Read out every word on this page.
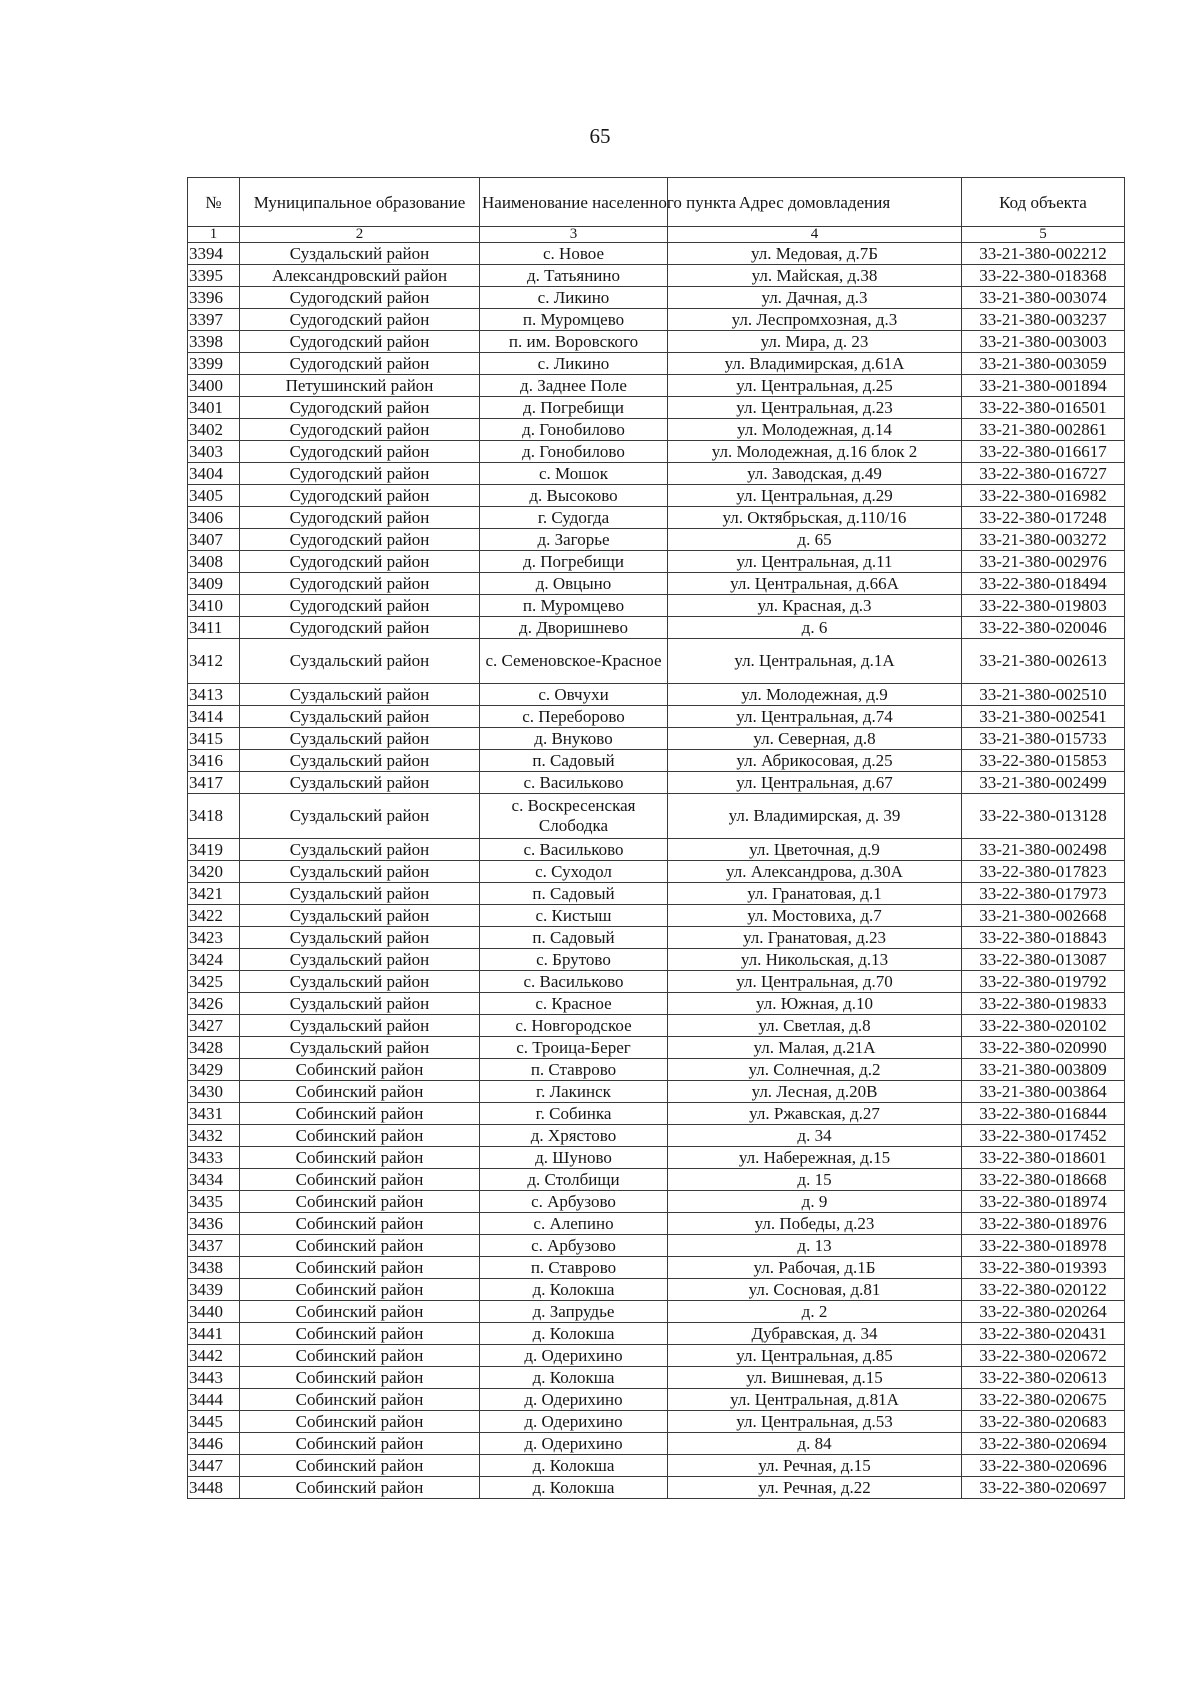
65
№	Муниципальное образование	Наименование населенного пункта	Адрес домовладения	Код объекта
1	2	3	4	5
3394	Суздальский район	с. Новое	ул. Медовая, д.7Б	33-21-380-002212
3395	Александровский район	д. Татьянино	ул. Майская, д.38	33-22-380-018368
3396	Судогодский район	с. Ликино	ул. Дачная, д.3	33-21-380-003074
3397	Судогодский район	п. Муромцево	ул. Леспромхозная, д.3	33-21-380-003237
3398	Судогодский район	п. им. Воровского	ул. Мира, д. 23	33-21-380-003003
3399	Судогодский район	с. Ликино	ул. Владимирская, д.61А	33-21-380-003059
3400	Петушинский район	д. Заднее Поле	ул. Центральная, д.25	33-21-380-001894
3401	Судогодский район	д. Погребищи	ул. Центральная, д.23	33-22-380-016501
3402	Судогодский район	д. Гонобилово	ул. Молодежная, д.14	33-21-380-002861
3403	Судогодский район	д. Гонобилово	ул. Молодежная, д.16 блок 2	33-22-380-016617
3404	Судогодский район	с. Мошок	ул. Заводская, д.49	33-22-380-016727
3405	Судогодский район	д. Высоково	ул. Центральная, д.29	33-22-380-016982
3406	Судогодский район	г. Судогда	ул. Октябрьская, д.110/16	33-22-380-017248
3407	Судогодский район	д. Загорье	д. 65	33-21-380-003272
3408	Судогодский район	д. Погребищи	ул. Центральная, д.11	33-21-380-002976
3409	Судогодский район	д. Овцыно	ул. Центральная, д.66А	33-22-380-018494
3410	Судогодский район	п. Муромцево	ул. Красная, д.3	33-22-380-019803
3411	Судогодский район	д. Дворишнево	д. 6	33-22-380-020046
3412	Суздальский район	с. Семеновское-Красное	ул. Центральная, д.1А	33-21-380-002613
3413	Суздальский район	с. Овчухи	ул. Молодежная, д.9	33-21-380-002510
3414	Суздальский район	с. Переборово	ул. Центральная, д.74	33-21-380-002541
3415	Суздальский район	д. Внуково	ул. Северная, д.8	33-21-380-015733
3416	Суздальский район	п. Садовый	ул. Абрикосовая, д.25	33-22-380-015853
3417	Суздальский район	с. Васильково	ул. Центральная, д.67	33-21-380-002499
3418	Суздальский район	с. Воскресенская Слободка	ул. Владимирская, д. 39	33-22-380-013128
3419	Суздальский район	с. Васильково	ул. Цветочная, д.9	33-21-380-002498
3420	Суздальский район	с. Суходол	ул. Александрова, д.30А	33-22-380-017823
3421	Суздальский район	п. Садовый	ул. Гранатовая, д.1	33-22-380-017973
3422	Суздальский район	с. Кистыш	ул. Мостовиха, д.7	33-21-380-002668
3423	Суздальский район	п. Садовый	ул. Гранатовая, д.23	33-22-380-018843
3424	Суздальский район	с. Брутово	ул. Никольская, д.13	33-22-380-013087
3425	Суздальский район	с. Васильково	ул. Центральная, д.70	33-22-380-019792
3426	Суздальский район	с. Красное	ул. Южная, д.10	33-22-380-019833
3427	Суздальский район	с. Новгородское	ул. Светлая, д.8	33-22-380-020102
3428	Суздальский район	с. Троица-Берег	ул. Малая, д.21А	33-22-380-020990
3429	Собинский район	п. Ставрово	ул. Солнечная, д.2	33-21-380-003809
3430	Собинский район	г. Лакинск	ул. Лесная, д.20В	33-21-380-003864
3431	Собинский район	г. Собинка	ул. Ржавская, д.27	33-22-380-016844
3432	Собинский район	д. Хрястово	д. 34	33-22-380-017452
3433	Собинский район	д. Шуново	ул. Набережная, д.15	33-22-380-018601
3434	Собинский район	д. Столбищи	д. 15	33-22-380-018668
3435	Собинский район	с. Арбузово	д. 9	33-22-380-018974
3436	Собинский район	с. Алепино	ул. Победы, д.23	33-22-380-018976
3437	Собинский район	с. Арбузово	д. 13	33-22-380-018978
3438	Собинский район	п. Ставрово	ул. Рабочая, д.1Б	33-22-380-019393
3439	Собинский район	д. Колокша	ул. Сосновая, д.81	33-22-380-020122
3440	Собинский район	д. Запрудье	д. 2	33-22-380-020264
3441	Собинский район	д. Колокша	Дубравская, д. 34	33-22-380-020431
3442	Собинский район	д. Одерихино	ул. Центральная, д.85	33-22-380-020672
3443	Собинский район	д. Колокша	ул. Вишневая, д.15	33-22-380-020613
3444	Собинский район	д. Одерихино	ул. Центральная, д.81А	33-22-380-020675
3445	Собинский район	д. Одерихино	ул. Центральная, д.53	33-22-380-020683
3446	Собинский район	д. Одерихино	д. 84	33-22-380-020694
3447	Собинский район	д. Колокша	ул. Речная, д.15	33-22-380-020696
3448	Собинский район	д. Колокша	ул. Речная, д.22	33-22-380-020697
